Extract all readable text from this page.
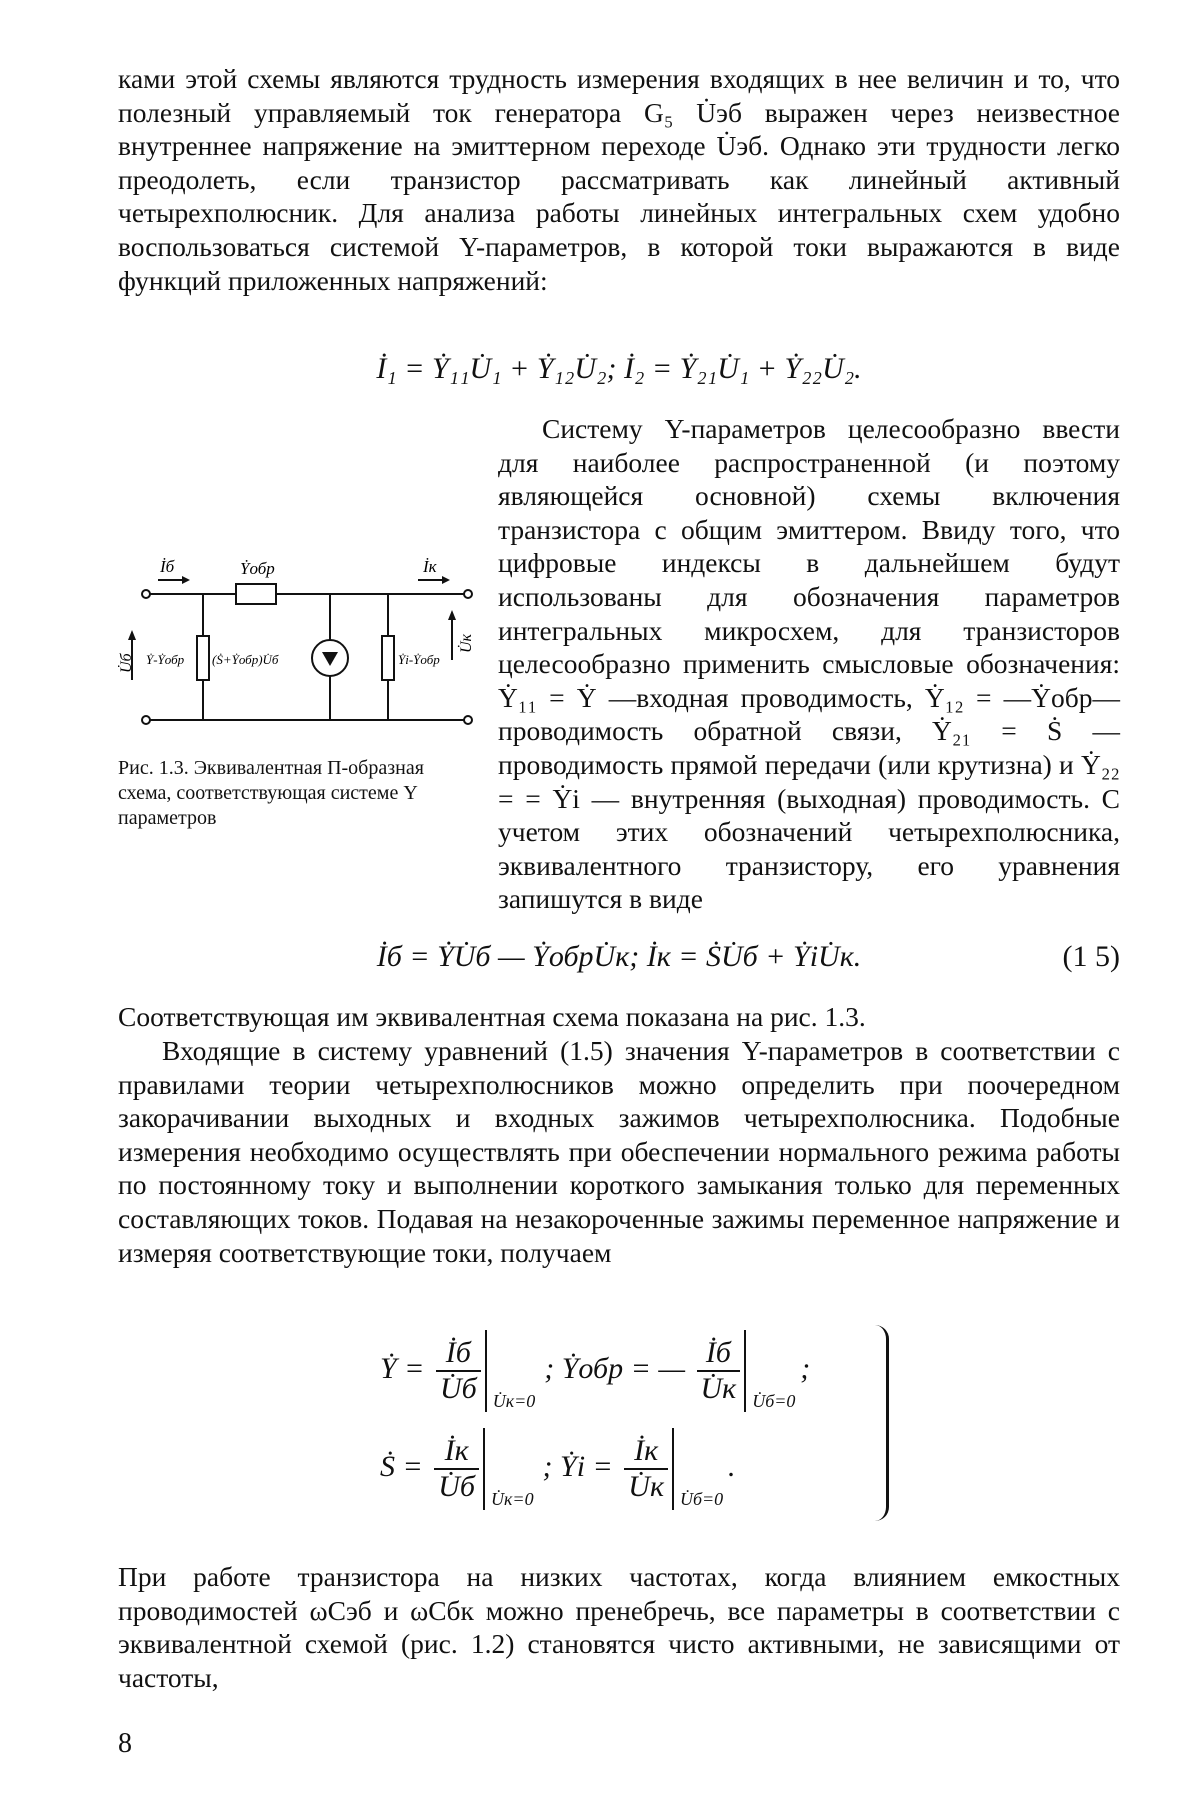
ками этой схемы являются трудность измерения входящих в нее величин и то, что полезный управляемый ток генератора G₅ U̇эб выражен через неизвестное внутреннее напряжение на эмиттерном переходе U̇эб. Однако эти трудности легко преодолеть, если транзистор рассматривать как линейный активный четырехполюсник. Для анализа работы линейных интегральных схем удобно воспользоваться системой Y-параметров, в которой токи выражаются в виде функций приложенных напряжений:

İ₁ = Ẏ₁₁U̇₁ + Ẏ₁₂U̇₂; İ₂ = Ẏ₂₁U̇₁ + Ẏ₂₂U̇₂.

Систему Y-параметров целесообразно ввести для наиболее распространенной (и поэтому являющейся основной) схемы включения транзистора с общим эмиттером. Ввиду того, что цифровые индексы в дальнейшем будут использованы для обозначения параметров интегральных микросхем, для транзисторов целесообразно применить смысловые обозначения: Ẏ₁₁ = Ẏ —входная проводимость, Ẏ₁₂ = —Ẏобр— проводимость обратной связи, Ẏ₂₁ = Ṡ — проводимость прямой передачи (или крутизна) и Ẏ₂₂ = = Ẏi — внутренняя (выходная) проводимость. С учетом этих обозначений четырехполюсника, эквивалентного транзистору, его уравнения запишутся в виде

İб	Ẏобр	İк
U̇б
U̇к
Ẏ-Ẏобр (Ṡ+Ẏобр)U̇б	Ẏi-Ẏобр

Рис. 1.3. Эквивалентная П-образная схема, соответствующая системе Y параметров

İб = ẎU̇б — ẎобрU̇к; İк = ṠU̇б + ẎiU̇к.	(1 5)

Соответствующая им эквивалентная схема показана на рис. 1.3.

Входящие в систему уравнений (1.5) значения Y-параметров в соответствии с правилами теории четырехполюсников можно определить при поочередном закорачивании выходных и входных зажимов четырехполюсника. Подобные измерения необходимо осуществлять при обеспечении нормального режима работы по постоянному току и выполнении короткого замыкания только для переменных составляющих токов. Подавая на незакороченные зажимы переменное напряжение и измеряя соответствующие токи, получаем

Ẏ = $\frac{İб}{U̇б}$ U̇к=0
; Ẏобр = — $\frac{İб}{U̇к}$ U̇б=0
;
Ṡ = $\frac{İк}{U̇б}$ U̇к=0
; Ẏi = $\frac{İк}{U̇к}$ U̇б=0
.

При работе транзистора на низких частотах, когда влиянием емкостных проводимостей ωCэб и ωCбк можно пренебречь, все параметры в соответствии с эквивалентной схемой (рис. 1.2) становятся чисто активными, не зависящими от частоты,

8
